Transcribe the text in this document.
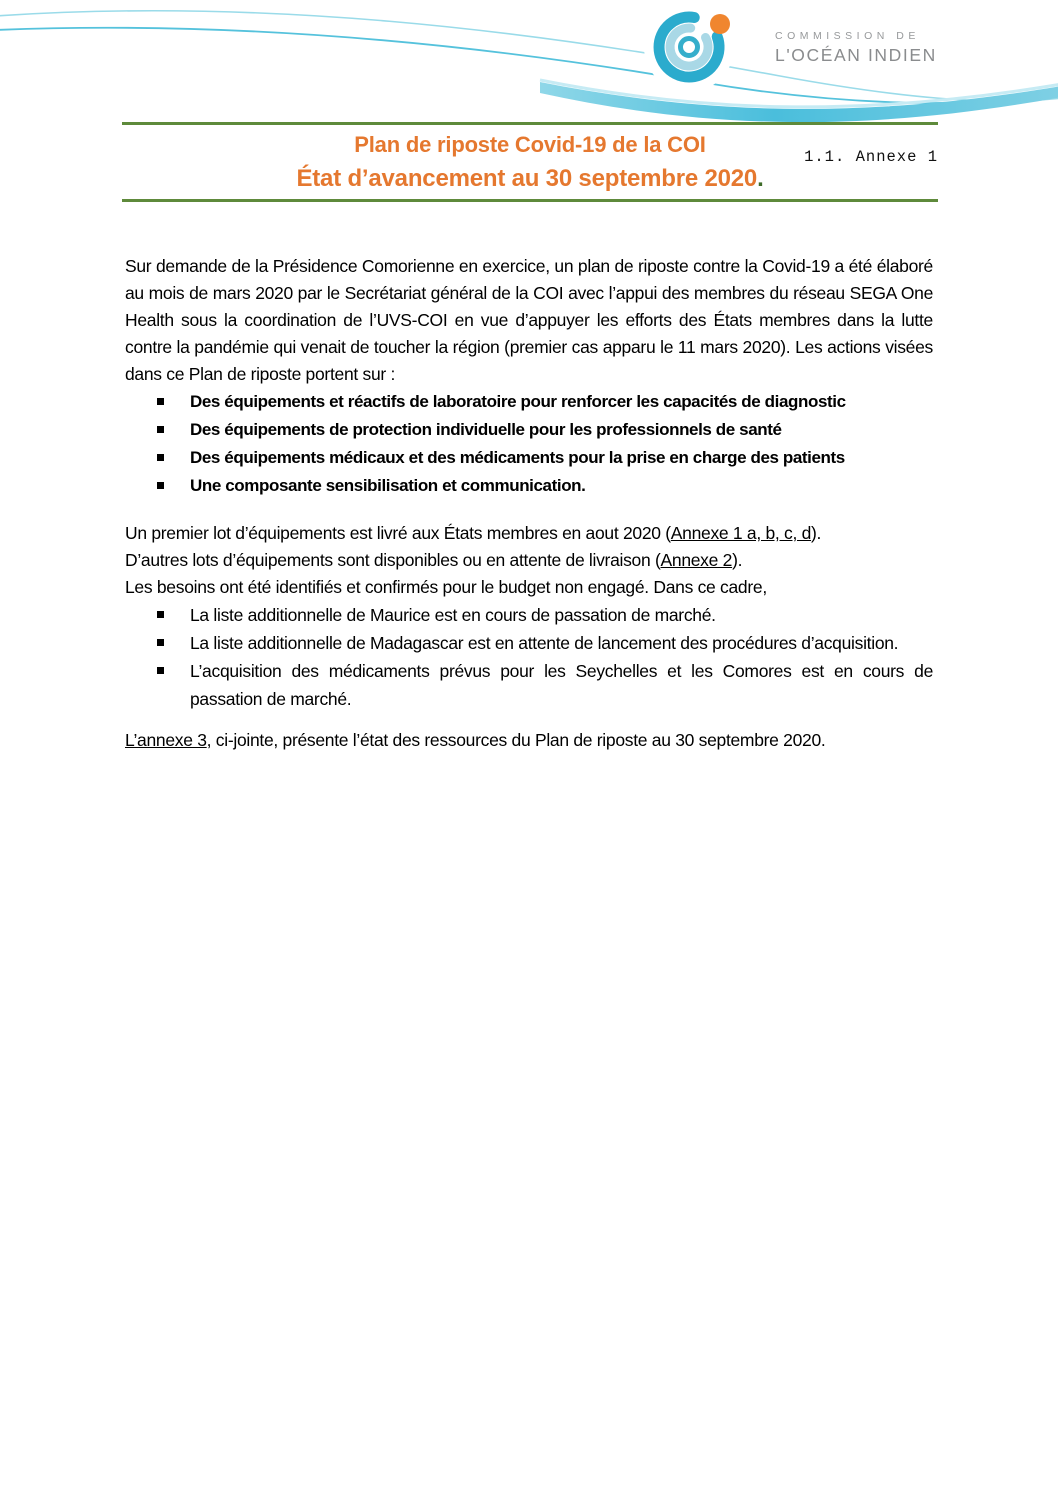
COMMISSION DE
L'OCÉAN INDIEN
Plan de riposte Covid-19 de la COI	1.1. Annexe 1
État d’avancement au 30 septembre 2020.

Sur demande de la Présidence Comorienne en exercice, un plan de riposte contre la Covid-19 a été élaboré au mois de mars 2020 par le Secrétariat général de la COI avec l’appui des membres du réseau SEGA One Health sous la coordination de l’UVS-COI en vue d’appuyer les efforts des États membres dans la lutte contre la pandémie qui venait de toucher la région (premier cas apparu le 11 mars 2020). Les actions visées dans ce Plan de riposte portent sur :

Des équipements et réactifs de laboratoire pour renforcer les capacités de diagnostic
Des équipements de protection individuelle pour les professionnels de santé
Des équipements médicaux et des médicaments pour la prise en charge des patients
Une composante sensibilisation et communication.

Un premier lot d’équipements est livré aux États membres en aout 2020 (Annexe 1 a, b, c, d).

D’autres lots d’équipements sont disponibles ou en attente de livraison (Annexe 2).

Les besoins ont été identifiés et confirmés pour le budget non engagé. Dans ce cadre,

La liste additionnelle de Maurice est en cours de passation de marché.
La liste additionnelle de Madagascar est en attente de lancement des procédures d’acquisition.
L’acquisition des médicaments prévus pour les Seychelles et les Comores est en cours de passation de marché.

L’annexe 3, ci-jointe, présente l’état des ressources du Plan de riposte au 30 septembre 2020.
